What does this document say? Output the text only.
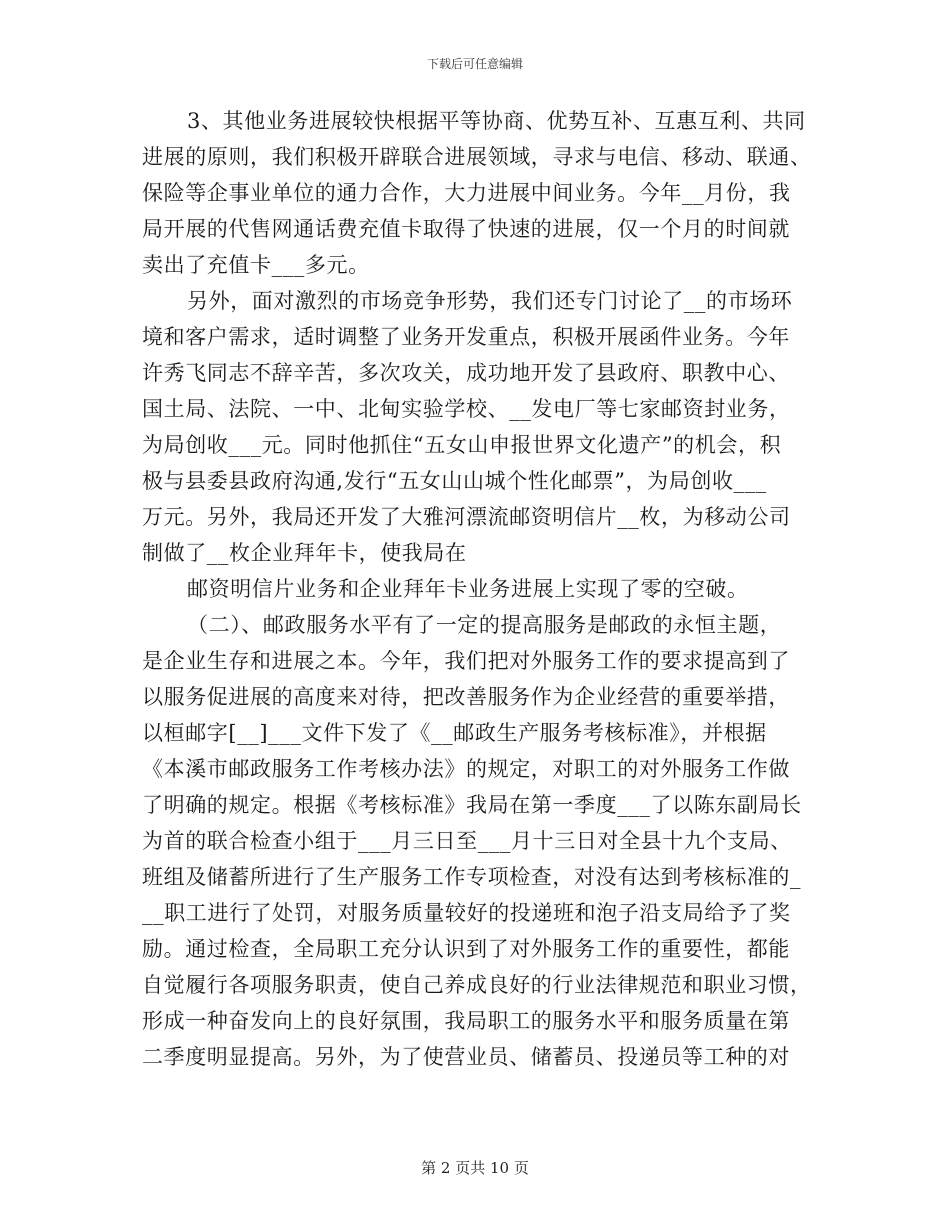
下载后可任意编辑
3、其他业务进展较快根据平等协商、优势互补、互惠互利、共同
进展的原则，我们积极开辟联合进展领域，寻求与电信、移动、联通、
保险等企事业单位的通力合作，大力进展中间业务。今年__月份，我
局开展的代售网通话费充值卡取得了快速的进展，仅一个月的时间就
卖出了充值卡___多元。
另外，面对激烈的市场竞争形势，我们还专门讨论了__的市场环
境和客户需求，适时调整了业务开发重点，积极开展函件业务。今年
许秀飞同志不辞辛苦，多次攻关，成功地开发了县政府、职教中心、
国土局、法院、一中、北甸实验学校、__发电厂等七家邮资封业务，
为局创收___元。同时他抓住“五女山申报世界文化遗产”的机会，积
极与县委县政府沟通,发行“五女山山城个性化邮票”，为局创收___
万元。另外，我局还开发了大雅河漂流邮资明信片__枚，为移动公司
制做了__枚企业拜年卡，使我局在
邮资明信片业务和企业拜年卡业务进展上实现了零的空破。
（二）、邮政服务水平有了一定的提高服务是邮政的永恒主题，
是企业生存和进展之本。今年，我们把对外服务工作的要求提高到了
以服务促进展的高度来对待，把改善服务作为企业经营的重要举措，
以桓邮字[__]___文件下发了《__邮政生产服务考核标准》，并根据
《本溪市邮政服务工作考核办法》的规定，对职工的对外服务工作做
了明确的规定。根据《考核标准》我局在第一季度___了以陈东副局长
为首的联合检查小组于___月三日至___月十三日对全县十九个支局、
班组及储蓄所进行了生产服务工作专项检查，对没有达到考核标准的_
__职工进行了处罚，对服务质量较好的投递班和泡子沿支局给予了奖
励。通过检查，全局职工充分认识到了对外服务工作的重要性，都能
自觉履行各项服务职责，使自己养成良好的行业法律规范和职业习惯，
形成一种奋发向上的良好氛围，我局职工的服务水平和服务质量在第
二季度明显提高。另外，为了使营业员、储蓄员、投递员等工种的对
第 2 页共 10 页
